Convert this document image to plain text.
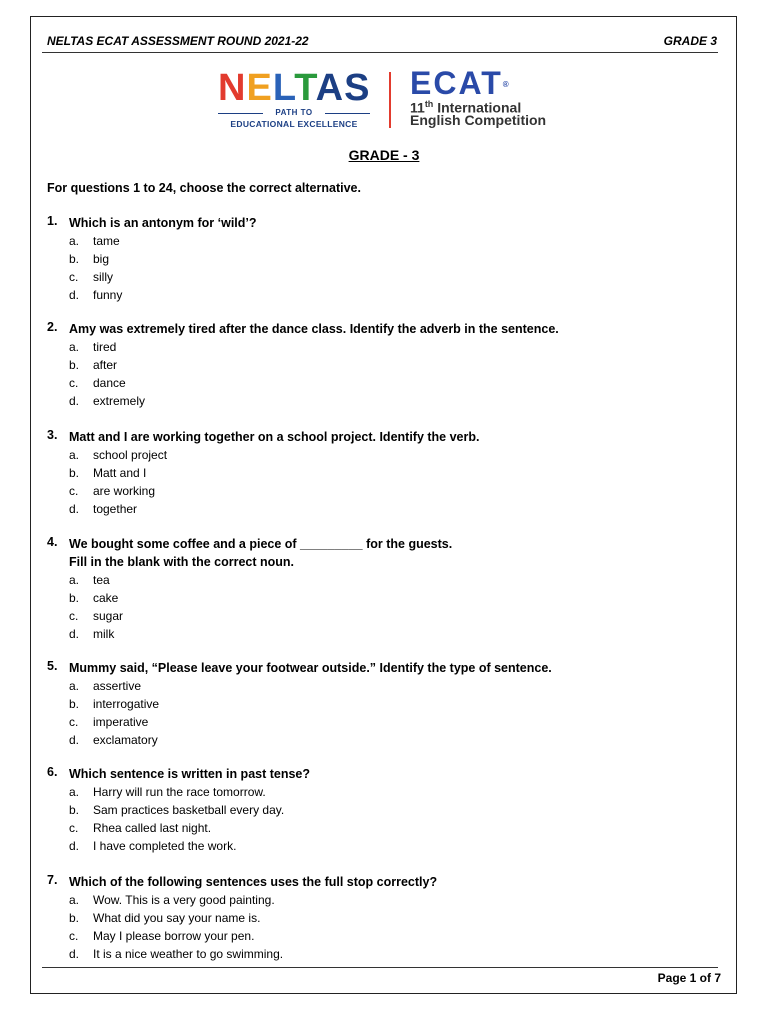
NELTAS ECAT ASSESSMENT ROUND 2021-22	GRADE 3
NELTAS
PATH TO
EDUCATIONAL EXCELLENCE
ECAT®
11th International
English Competition
GRADE - 3
For questions 1 to 24, choose the correct alternative.
1. Which is an antonym for ‘wild’?
a. tame
b. big
c. silly
d. funny
2. Amy was extremely tired after the dance class. Identify the adverb in the sentence.
a. tired
b. after
c. dance
d. extremely
3. Matt and I are working together on a school project. Identify the verb.
a. school project
b. Matt and I
c. are working
d. together
4. We bought some coffee and a piece of _________ for the guests.
Fill in the blank with the correct noun.
a. tea
b. cake
c. sugar
d. milk
5. Mummy said, “Please leave your footwear outside.” Identify the type of sentence.
a. assertive
b. interrogative
c. imperative
d. exclamatory
6. Which sentence is written in past tense?
a. Harry will run the race tomorrow.
b. Sam practices basketball every day.
c. Rhea called last night.
d. I have completed the work.
7. Which of the following sentences uses the full stop correctly?
a. Wow. This is a very good painting.
b. What did you say your name is.
c. May I please borrow your pen.
d. It is a nice weather to go swimming.
Page 1 of 7
